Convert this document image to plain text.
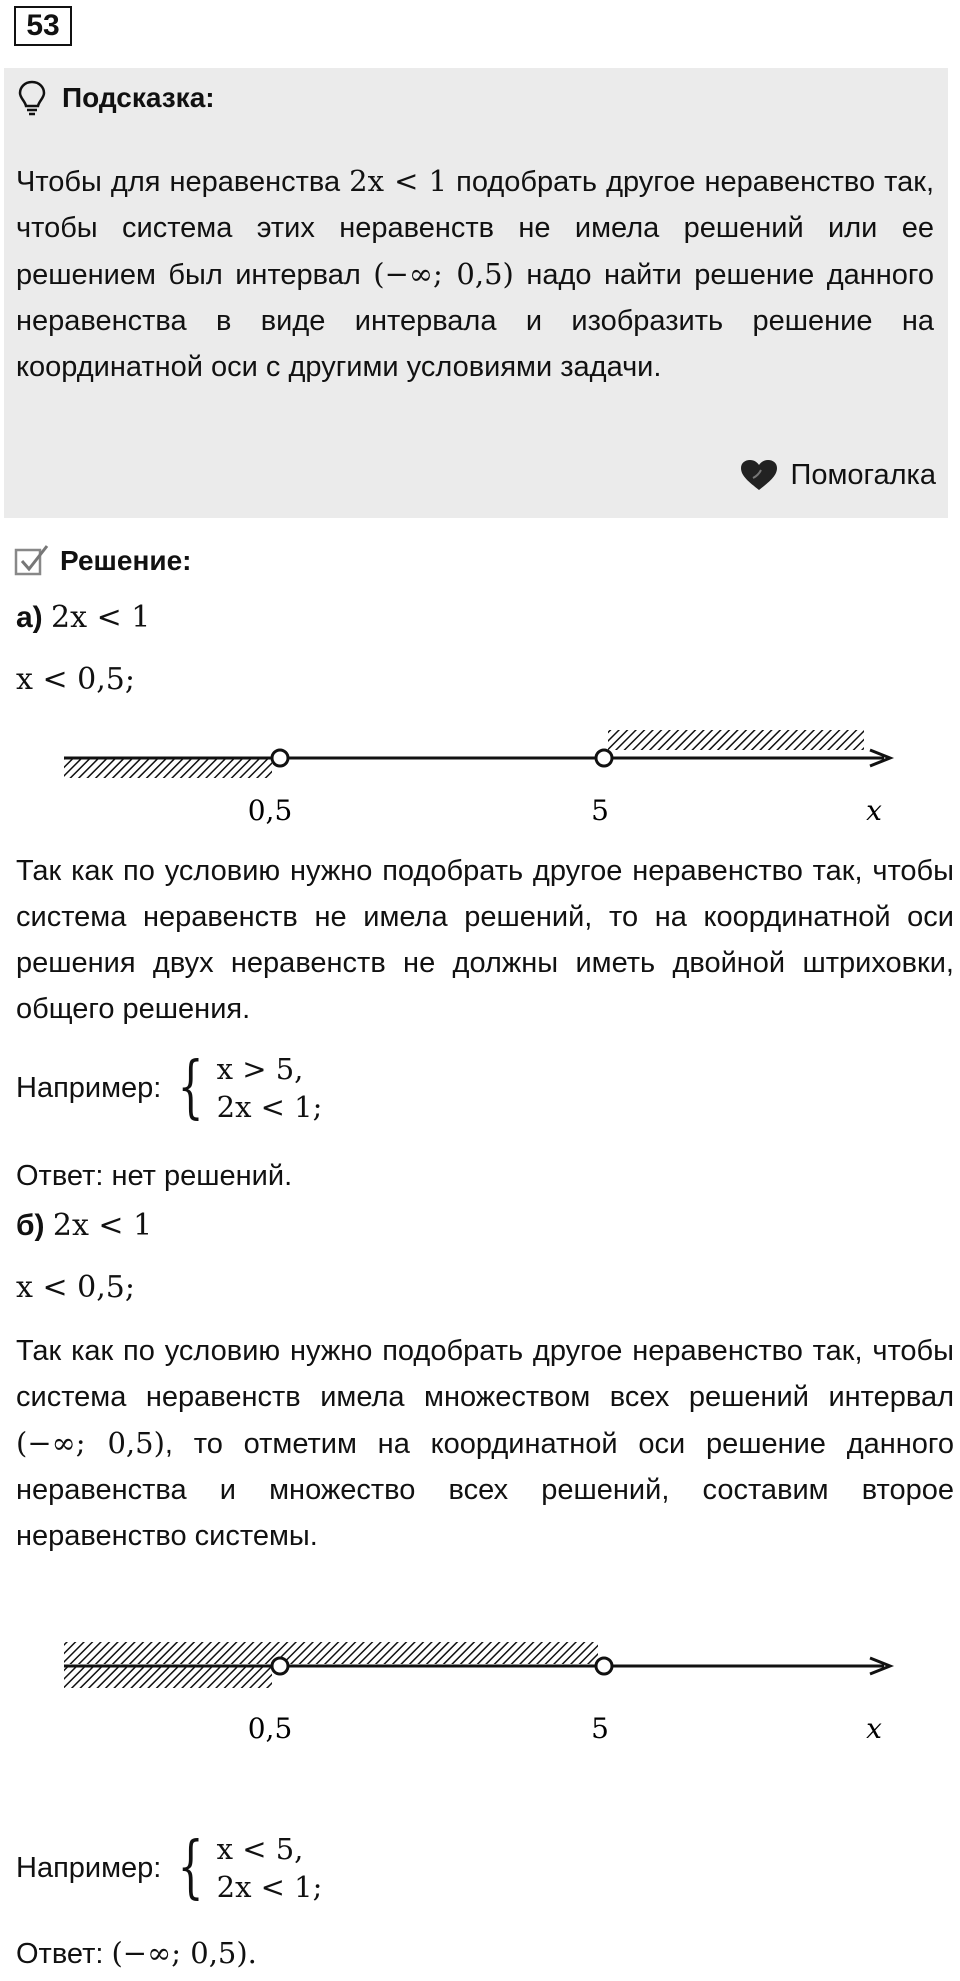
53
Подсказка:
Чтобы для неравенства 2x < 1 подобрать другое неравенство так, чтобы система этих неравенств не имела решений или ее решением был интервал (−∞; 0,5) надо найти решение данного неравенства в виде интервала и изобразить решение на координатной оси с другими условиями задачи.
Помогалка
Решение:
а) 2x < 1
x < 0,5;
0,5	5	x
Так как по условию нужно подобрать другое неравенство так, чтобы система неравенств не имела решений, то на координатной оси решения двух неравенств не должны иметь двойной штриховки, общего решения.
Например: { x > 5,
2x < 1;
Ответ: нет решений.
б) 2x < 1
x < 0,5;
Так как по условию нужно подобрать другое неравенство так, чтобы система неравенств имела множеством всех решений интервал (−∞; 0,5), то отметим на координатной оси решение данного неравенства и множество всех решений, составим второе неравенство системы.
0,5	5	x
Например: { x < 5,
2x < 1;
Ответ: (−∞; 0,5).
